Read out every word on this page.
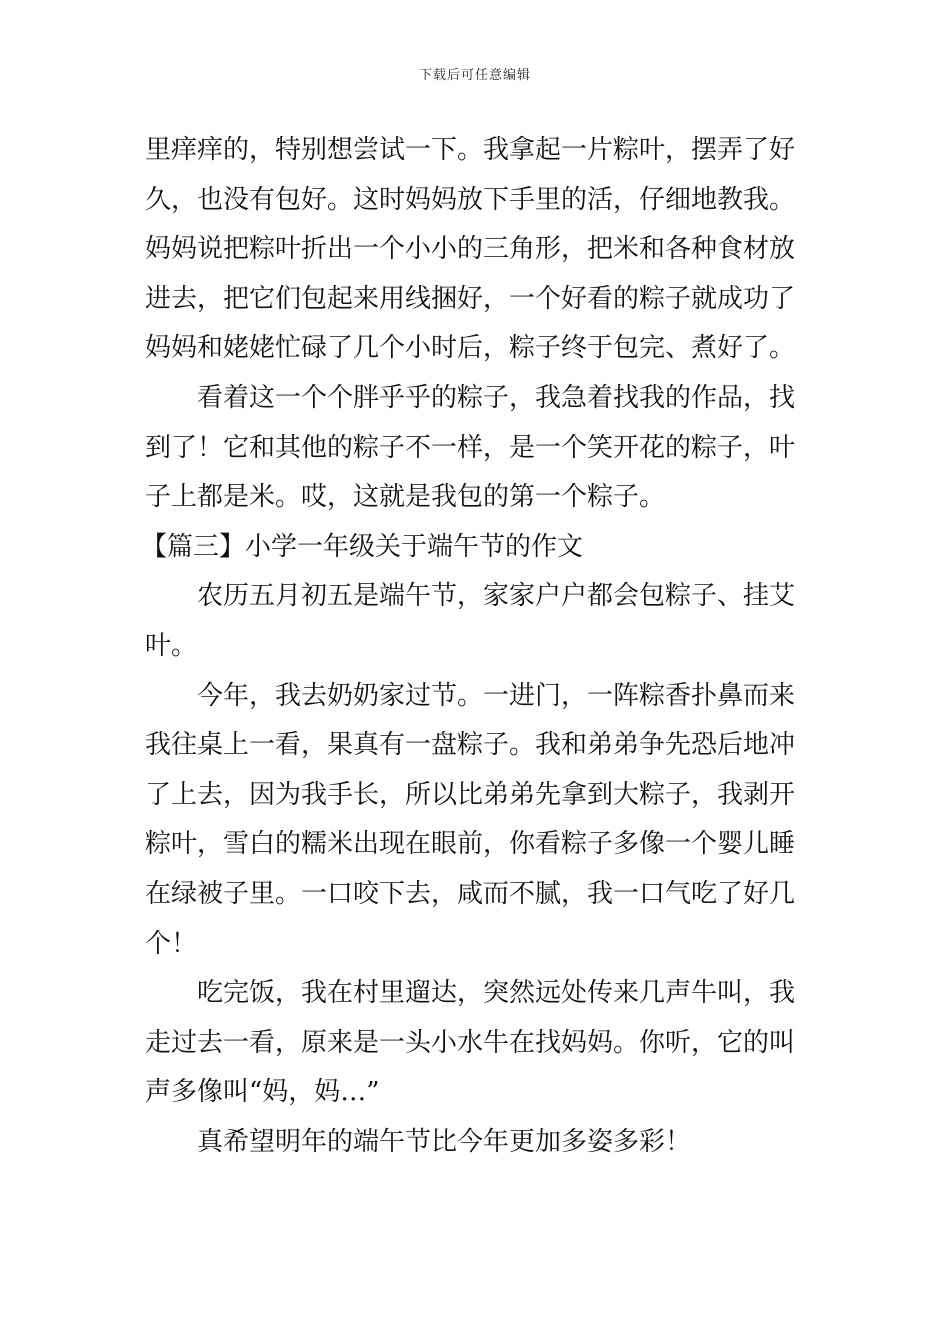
下载后可任意编辑
里痒痒的，特别想尝试一下。我拿起一片粽叶，摆弄了好
久，也没有包好。这时妈妈放下手里的活，仔细地教我。
妈妈说把粽叶折出一个小小的三角形，把米和各种食材放
进去，把它们包起来用线捆好，一个好看的粽子就成功了
妈妈和姥姥忙碌了几个小时后，粽子终于包完、煮好了。
看着这一个个胖乎乎的粽子，我急着找我的作品，找
到了！它和其他的粽子不一样，是一个笑开花的粽子，叶
子上都是米。哎，这就是我包的第一个粽子。
【篇三】小学一年级关于端午节的作文
农历五月初五是端午节，家家户户都会包粽子、挂艾
叶。
今年，我去奶奶家过节。一进门，一阵粽香扑鼻而来
我往桌上一看，果真有一盘粽子。我和弟弟争先恐后地冲
了上去，因为我手长，所以比弟弟先拿到大粽子，我剥开
粽叶，雪白的糯米出现在眼前，你看粽子多像一个婴儿睡
在绿被子里。一口咬下去，咸而不腻，我一口气吃了好几
个！
吃完饭，我在村里遛达，突然远处传来几声牛叫，我
走过去一看，原来是一头小水牛在找妈妈。你听，它的叫
声多像叫“妈，妈…”
真希望明年的端午节比今年更加多姿多彩！
